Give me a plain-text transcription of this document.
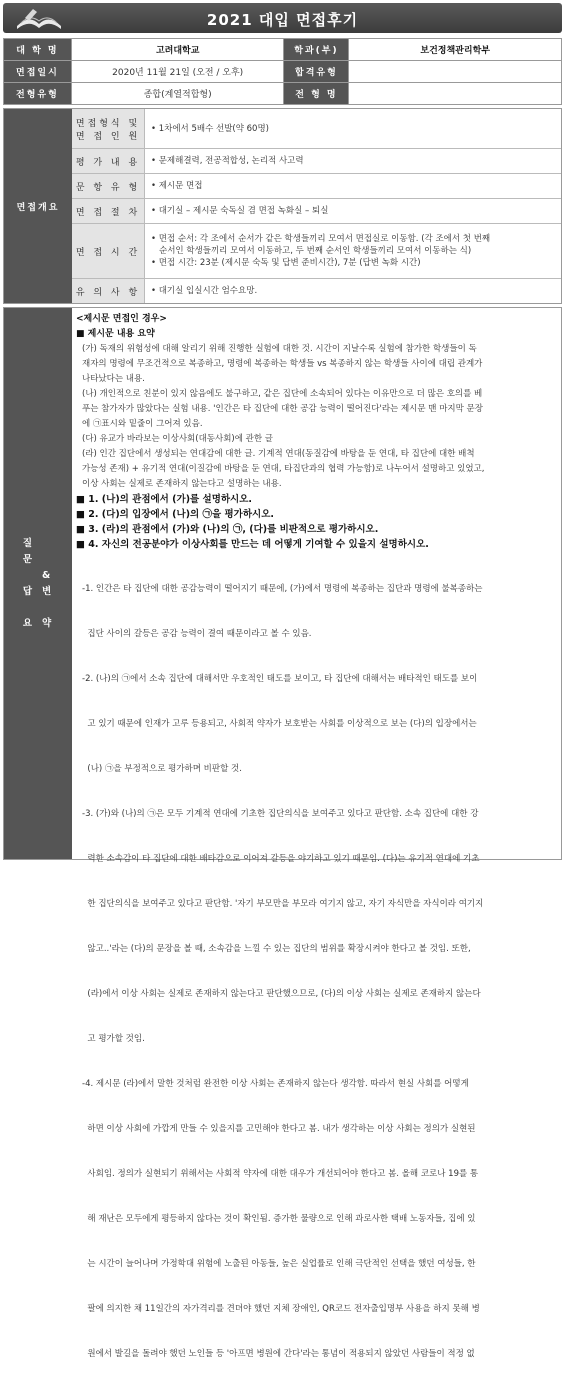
2021 대입 면접후기
대 학 명	고려대학교	학과(부)	보건정책관리학부
면접일시	2020년 11월 21일 (오전 / 오후)	합격유형	
전형유형	종합(계열적합형)	전 형 명	
면접개요
면접형식 및
면 접 인 원
• 1차에서 5배수 선발(약 60명)
평 가 내 용 • 문제해결력, 전공적합성, 논리적 사고력
문 항 유 형 • 제시문 면접
면 접 절 차 • 대기실 – 제시문 숙독실 겸 면접 녹화실 – 퇴실
면 접 시 간
• 면접 순서: 각 조에서 순서가 같은 학생들끼리 모여서 면접실로 이동함. (각 조에서 첫 번째
순서인 학생들끼리 모여서 이동하고, 두 번째 순서인 학생들끼리 모여서 이동하는 식)
• 면접 시간: 23분 (제시문 숙독 및 답변 준비시간), 7분 (답변 녹화 시간)
유 의 사 항 • 대기실 입실시간 엄수요망.
질
문

답

요

&
변

약

<제시문 면접인 경우>

■ 제시문 내용 요약

(가) 독재의 위험성에 대해 알리기 위해 진행한 실험에 대한 것. 시간이 지날수록 실험에 참가한 학생들이 독

재자의 명령에 무조건적으로 복종하고, 명령에 복종하는 학생들 vs 복종하지 않는 학생들 사이에 대립 관계가

나타났다는 내용.

(나) 개인적으로 친분이 있지 않음에도 불구하고, 같은 집단에 소속되어 있다는 이유만으로 더 많은 호의를 베

푸는 참가자가 많았다는 실험 내용. '인간은 타 집단에 대한 공감 능력이 떨어진다'라는 제시문 맨 마지막 문장

에 ㉠표시와 밑줄이 그어져 있음.

(다) 유교가 바라보는 이상사회(대동사회)에 관한 글

(라) 인간 집단에서 생성되는 연대감에 대한 글. 기계적 연대(동질감에 바탕을 둔 연대, 타 집단에 대한 배척

가능성 존재) + 유기적 연대(이질감에 바탕을 둔 연대, 타집단과의 협력 가능함)로 나누어서 설명하고 있었고,

이상 사회는 실제로 존재하지 않는다고 설명하는 내용.

■ 1. (나)의 관점에서 (가)를 설명하시오.

■ 2. (다)의 입장에서 (나)의 ㉠을 평가하시오.

■ 3. (라)의 관점에서 (가)와 (나)의 ㉠, (다)를 비판적으로 평가하시오.

■ 4. 자신의 전공분야가 이상사회를 만드는 데 어떻게 기여할 수 있을지 설명하시오.

-1. 인간은 타 집단에 대한 공감능력이 떨어지기 때문에, (가)에서 명령에 복종하는 집단과 명령에 불복종하는

집단 사이의 갈등은 공감 능력이 결여 때문이라고 볼 수 있음.

-2. (나)의 ㉠에서 소속 집단에 대해서만 우호적인 태도를 보이고, 타 집단에 대해서는 배타적인 태도를 보이

고 있기 때문에 인재가 고루 등용되고, 사회적 약자가 보호받는 사회를 이상적으로 보는 (다)의 입장에서는

(나) ㉠을 부정적으로 평가하며 비판할 것.

-3. (가)와 (나)의 ㉠은 모두 기계적 연대에 기초한 집단의식을 보여주고 있다고 판단함. 소속 집단에 대한 강

력한 소속감이 타 집단에 대한 배타감으로 이어져 갈등을 야기하고 있기 때문임. (다)는 유기적 연대에 기초

한 집단의식을 보여주고 있다고 판단함. '자기 부모만을 부모라 여기지 않고, 자기 자식만을 자식이라 여기지

않고..'라는 (다)의 문장을 볼 때, 소속감을 느낄 수 있는 집단의 범위를 확장시켜야 한다고 볼 것임. 또한,

(라)에서 이상 사회는 실제로 존재하지 않는다고 판단했으므로, (다)의 이상 사회는 실제로 존재하지 않는다

고 평가할 것임.

-4. 제시문 (라)에서 말한 것처럼 완전한 이상 사회는 존재하지 않는다 생각함. 따라서 현실 사회를 어떻게

하면 이상 사회에 가깝게 만들 수 있을지를 고민해야 한다고 봄. 내가 생각하는 이상 사회는 정의가 실현된

사회임. 정의가 실현되기 위해서는 사회적 약자에 대한 대우가 개선되어야 한다고 봄. 올해 코로나 19를 통

해 재난은 모두에게 평등하지 않다는 것이 확인됨. 증가한 물량으로 인해 과로사한 택배 노동자들, 집에 있

는 시간이 늘어나며 가정학대 위험에 노출된 아동들, 높은 실업률로 인해 극단적인 선택을 했던 여성들, 한

팔에 의지한 채 11일간의 자가격리를 견뎌야 했던 지체 장애인, QR코드 전자출입명부 사용을 하지 못해 병

원에서 발길을 돌려야 했던 노인들 등 '아프면 병원에 간다'라는 통념이 적용되지 않았던 사람들이 적정 없
